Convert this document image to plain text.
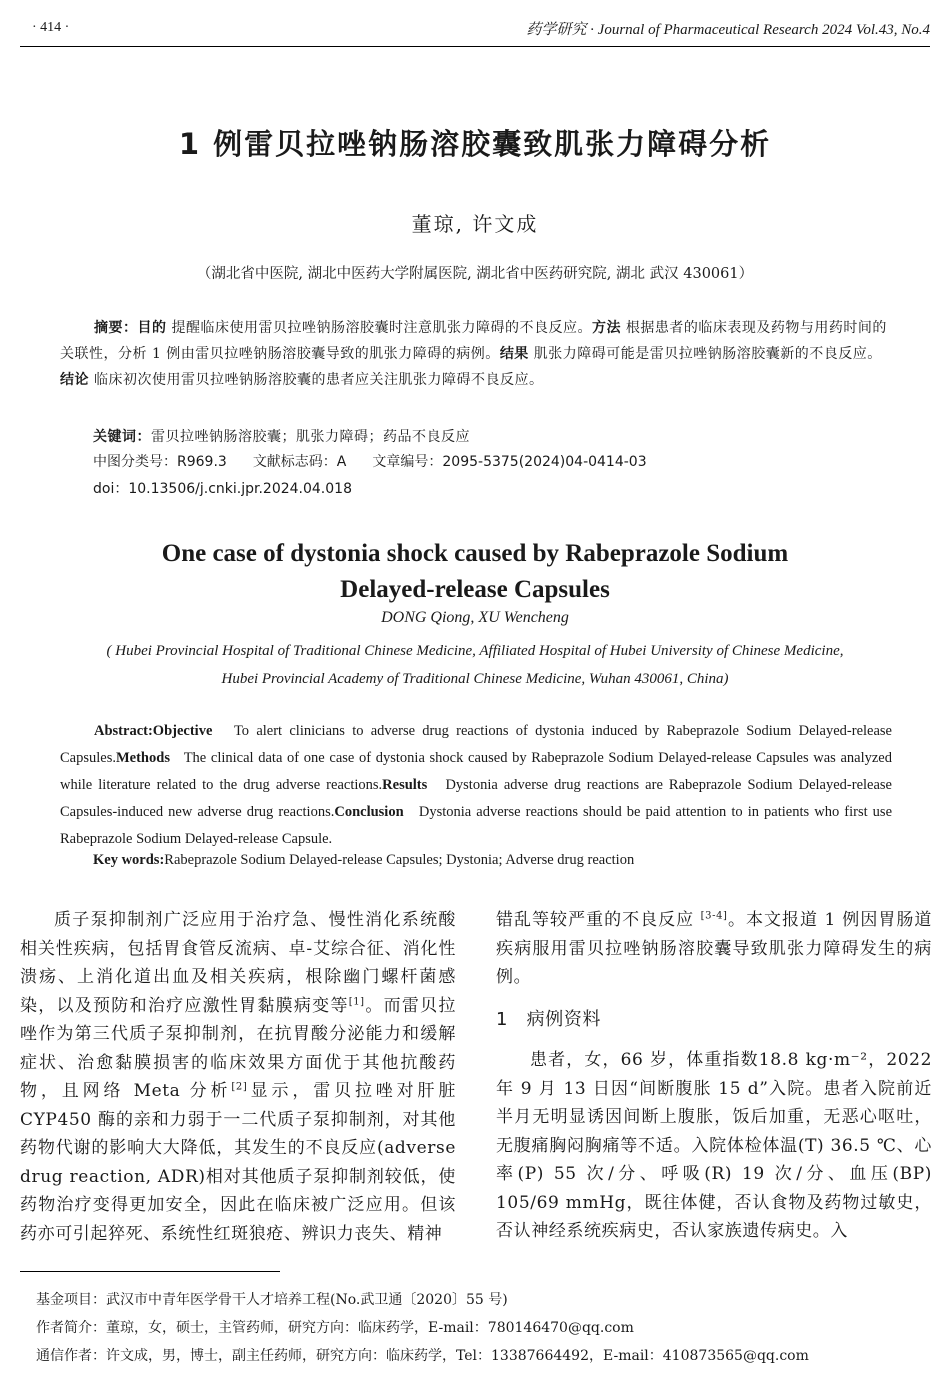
· 414 ·	药学研究 · Journal of Pharmaceutical Research 2024 Vol.43, No.4
1 例雷贝拉唑钠肠溶胶囊致肌张力障碍分析
董琼, 许文成
（湖北省中医院, 湖北中医药大学附属医院, 湖北省中医药研究院, 湖北 武汉 430061）
摘要：目的 提醒临床使用雷贝拉唑钠肠溶胶囊时注意肌张力障碍的不良反应。方法 根据患者的临床表现及药物与用药时间的关联性，分析 1 例由雷贝拉唑钠肠溶胶囊导致的肌张力障碍的病例。结果 肌张力障碍可能是雷贝拉唑钠肠溶胶囊新的不良反应。结论 临床初次使用雷贝拉唑钠肠溶胶囊的患者应关注肌张力障碍不良反应。
关键词：雷贝拉唑钠肠溶胶囊；肌张力障碍；药品不良反应
中图分类号：R969.3 文献标志码：A 文章编号：2095-5375(2024)04-0414-03
doi：10.13506/j.cnki.jpr.2024.04.018
One case of dystonia shock caused by Rabeprazole Sodium
Delayed-release Capsules
DONG Qiong, XU Wencheng
( Hubei Provincial Hospital of Traditional Chinese Medicine, Affiliated Hospital of Hubei University of Chinese Medicine,
Hubei Provincial Academy of Traditional Chinese Medicine, Wuhan 430061, China)
Abstract:Objective To alert clinicians to adverse drug reactions of dystonia induced by Rabeprazole Sodium Delayed-release Capsules.Methods The clinical data of one case of dystonia shock caused by Rabeprazole Sodium Delayed-release Capsules was analyzed while literature related to the drug adverse reactions.Results Dystonia adverse drug reactions are Rabeprazole Sodium Delayed-release Capsules-induced new adverse drug reactions.Conclusion Dystonia adverse reactions should be paid attention to in patients who first use Rabeprazole Sodium Delayed-release Capsule.
Key words:Rabeprazole Sodium Delayed-release Capsules; Dystonia; Adverse drug reaction
质子泵抑制剂广泛应用于治疗急、慢性消化系统酸相关性疾病，包括胃食管反流病、卓-艾综合征、消化性溃疡、上消化道出血及相关疾病，根除幽门螺杆菌感染，以及预防和治疗应激性胃黏膜病变等[1]。而雷贝拉唑作为第三代质子泵抑制剂，在抗胃酸分泌能力和缓解症状、治愈黏膜损害的临床效果方面优于其他抗酸药物，且网络 Meta 分析[2]显示，雷贝拉唑对肝脏 CYP450 酶的亲和力弱于一二代质子泵抑制剂，对其他药物代谢的影响大大降低，其发生的不良反应(adverse drug reaction, ADR)相对其他质子泵抑制剂较低，使药物治疗变得更加安全，因此在临床被广泛应用。但该药亦可引起猝死、系统性红斑狼疮、辨识力丧失、精神
错乱等较严重的不良反应 [3-4]。本文报道 1 例因胃肠道疾病服用雷贝拉唑钠肠溶胶囊导致肌张力障碍发生的病例。
1　病例资料
患者，女，66 岁，体重指数18.8 kg·m⁻²，2022年 9 月 13 日因“间断腹胀 15 d”入院。患者入院前近半月无明显诱因间断上腹胀，饭后加重，无恶心呕吐，无腹痛胸闷胸痛等不适。入院体检体温(T) 36.5 ℃、心率(P) 55 次/分、呼吸(R) 19 次/分、血压(BP) 105/69 mmHg，既往体健，否认食物及药物过敏史，否认神经系统疾病史，否认家族遗传病史。入
基金项目：武汉市中青年医学骨干人才培养工程(No.武卫通〔2020〕55 号)
作者简介：董琼，女，硕士，主管药师，研究方向：临床药学，E-mail：780146470@qq.com
通信作者：许文成，男，博士，副主任药师，研究方向：临床药学，Tel：13387664492，E-mail：410873565@qq.com
